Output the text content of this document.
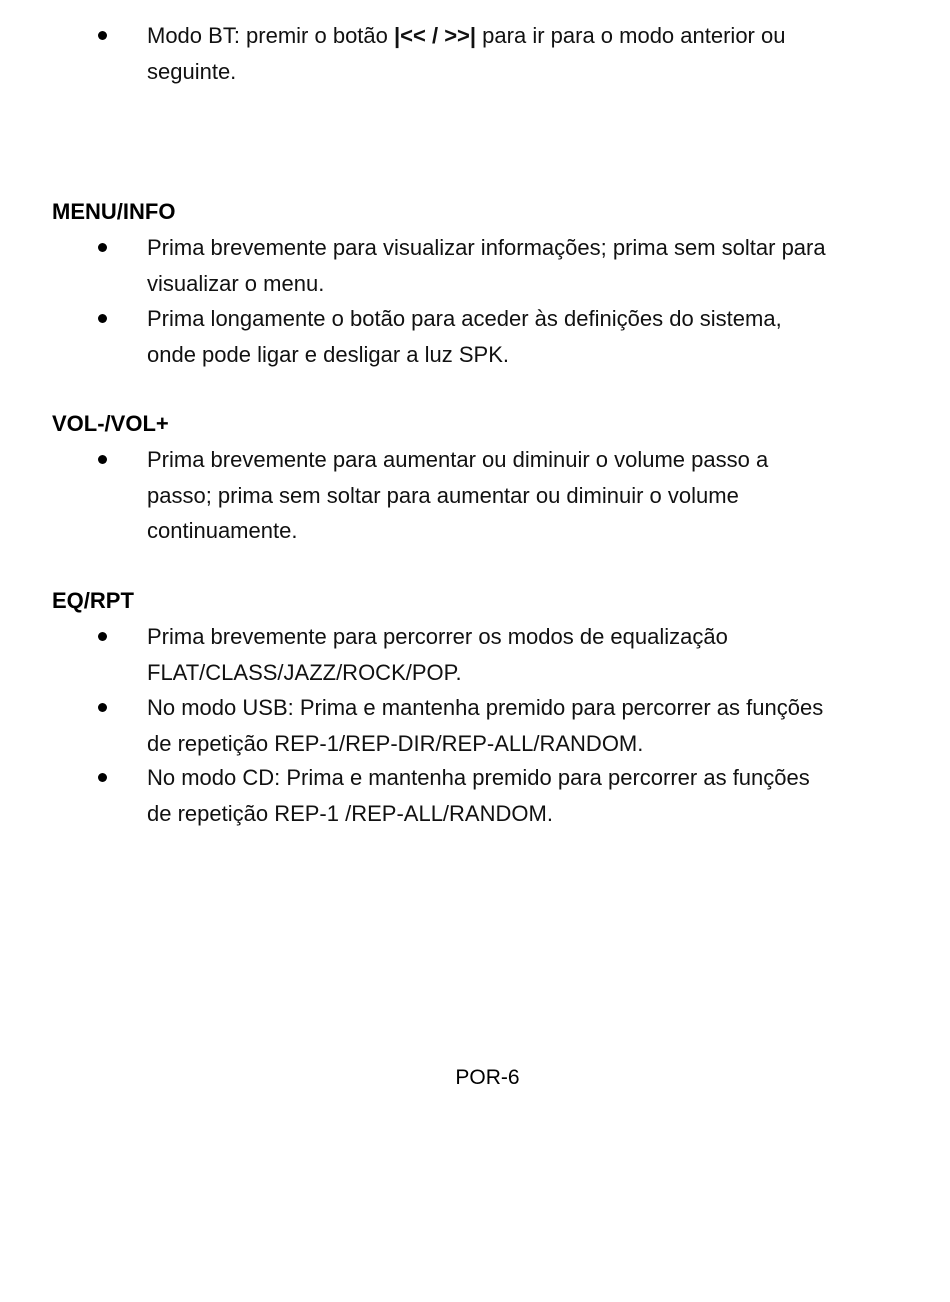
Modo BT: premir o botão |<< / >>| para ir para o modo anterior ou
seguinte.
MENU/INFO
Prima brevemente para visualizar informações; prima sem soltar para
visualizar o menu.
Prima longamente o botão para aceder às definições do sistema,
onde pode ligar e desligar a luz SPK.
VOL-/VOL+
Prima brevemente para aumentar ou diminuir o volume passo a
passo; prima sem soltar para aumentar ou diminuir o volume
continuamente.
EQ/RPT
Prima brevemente para percorrer os modos de equalização
FLAT/CLASS/JAZZ/ROCK/POP.
No modo USB: Prima e mantenha premido para percorrer as funções
de repetição REP-1/REP-DIR/REP-ALL/RANDOM.
No modo CD: Prima e mantenha premido para percorrer as funções
de repetição REP-1 /REP-ALL/RANDOM.
POR-6
